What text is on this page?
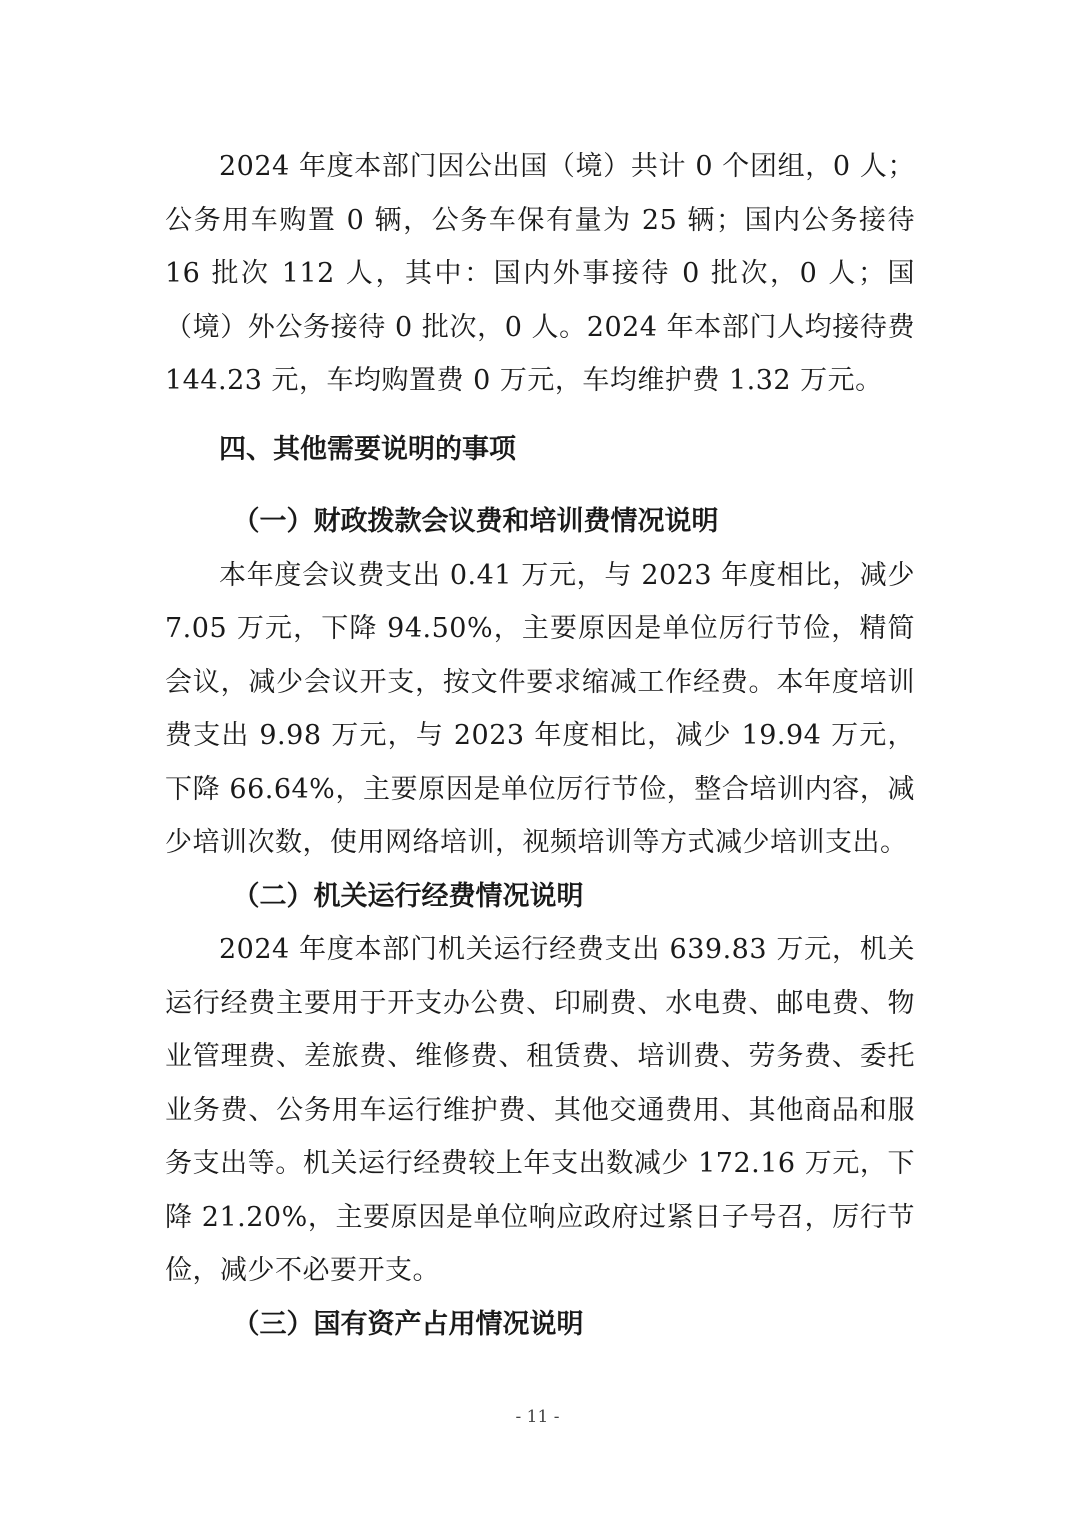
2024 年度本部门因公出国（境）共计 0 个团组，0 人；公务用车购置 0 辆，公务车保有量为 25 辆；国内公务接待 16 批次 112 人，其中：国内外事接待 0 批次，0 人；国（境）外公务接待 0 批次，0 人。2024 年本部门人均接待费 144.23 元，车均购置费 0 万元，车均维护费 1.32 万元。

四、其他需要说明的事项
（一）财政拨款会议费和培训费情况说明

本年度会议费支出 0.41 万元，与 2023 年度相比，减少 7.05 万元，下降 94.50%，主要原因是单位厉行节俭，精简会议，减少会议开支，按文件要求缩减工作经费。本年度培训费支出 9.98 万元，与 2023 年度相比，减少 19.94 万元，下降 66.64%，主要原因是单位厉行节俭，整合培训内容，减少培训次数，使用网络培训，视频培训等方式减少培训支出。

（二）机关运行经费情况说明

2024 年度本部门机关运行经费支出 639.83 万元，机关运行经费主要用于开支办公费、印刷费、水电费、邮电费、物业管理费、差旅费、维修费、租赁费、培训费、劳务费、委托业务费、公务用车运行维护费、其他交通费用、其他商品和服务支出等。机关运行经费较上年支出数减少 172.16 万元，下降 21.20%，主要原因是单位响应政府过紧日子号召，厉行节俭，减少不必要开支。

（三）国有资产占用情况说明
- 11 -
